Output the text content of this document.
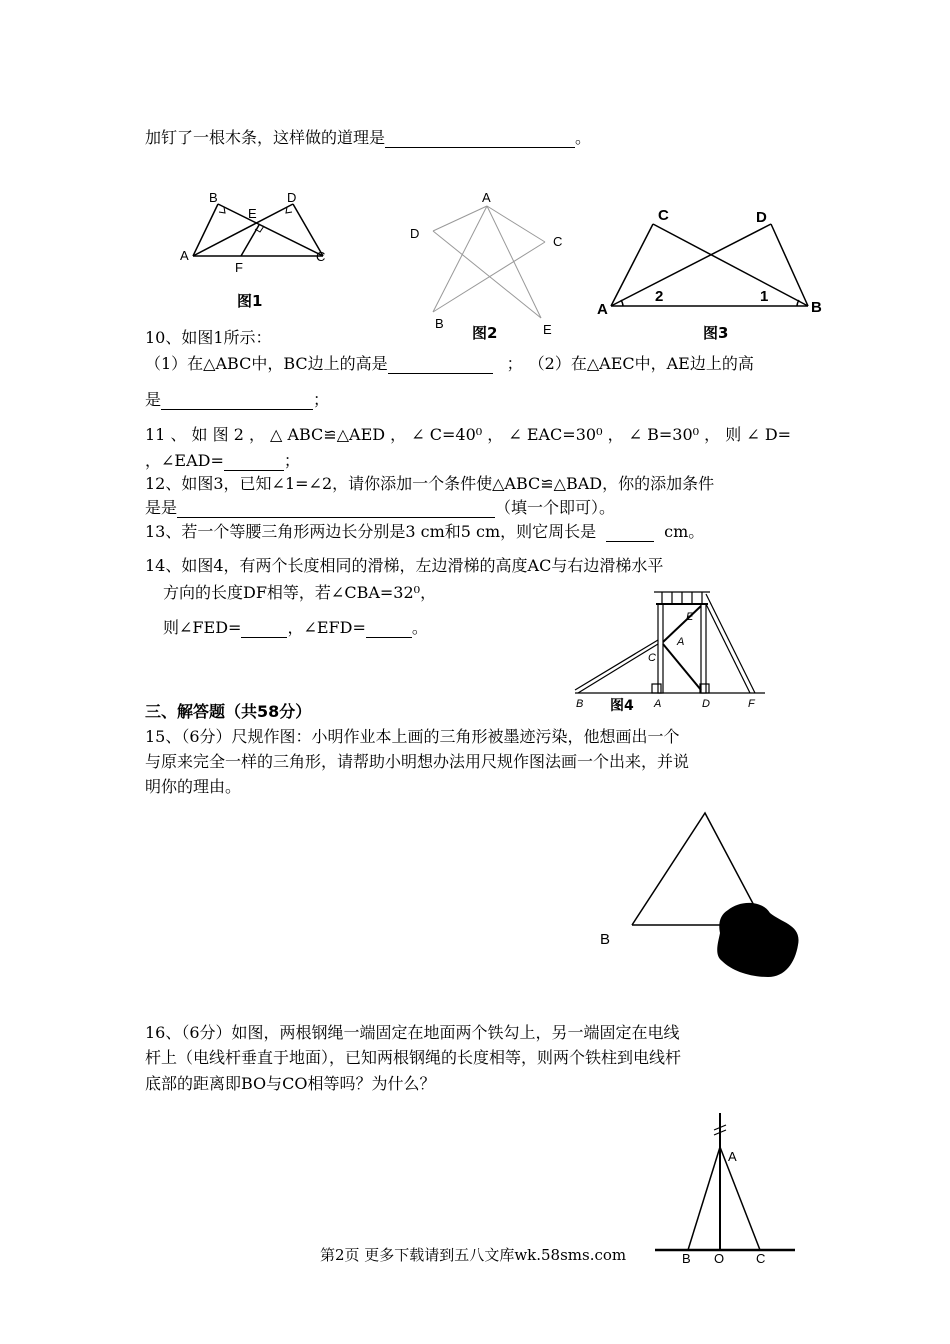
加钉了一根木条，这样做的道理是	。
B	D
E
A
F
C
图1
A
D
C
B	E
图2
C	D
A
2	1
B
图3
10、如图1所示：
（1）在△ABC中，BC边上的高是	； （2）在△AEC中，AE边上的高
是	；
11 、 如 图 2 ， △ ABC≌△AED ， ∠ C=40⁰ ， ∠ EAC=30⁰ ， ∠ B=30⁰ ， 则 ∠ D=
，∠EAD=	；
12、如图3，已知∠1=∠2，请你添加一个条件使△ABC≌△BAD，你的添加条件
是是	（填一个即可）。
13、若一个等腰三角形两边长分别是3 cm和5 cm，则它周长是	cm。
14、如图4，有两个长度相同的滑梯，左边滑梯的高度AC与右边滑梯水平
方向的长度DF相等，若∠CBA=32⁰，
则∠FED=	，∠EFD=	。
E
A
C
B	A	D	F
图4
三、解答题（共58分）
15、（6分）尺规作图：小明作业本上画的三角形被墨迹污染，他想画出一个
与原来完全一样的三角形，请帮助小明想办法用尺规作图法画一个出来，并说
明你的理由。
B
16、（6分）如图，两根钢绳一端固定在地面两个铁勾上，另一端固定在电线
杆上（电线杆垂直于地面），已知两根钢绳的长度相等，则两个铁柱到电线杆
底部的距离即BO与CO相等吗？为什么？
A
B O C
第2页 更多下载请到五八文库wk.58sms.com
